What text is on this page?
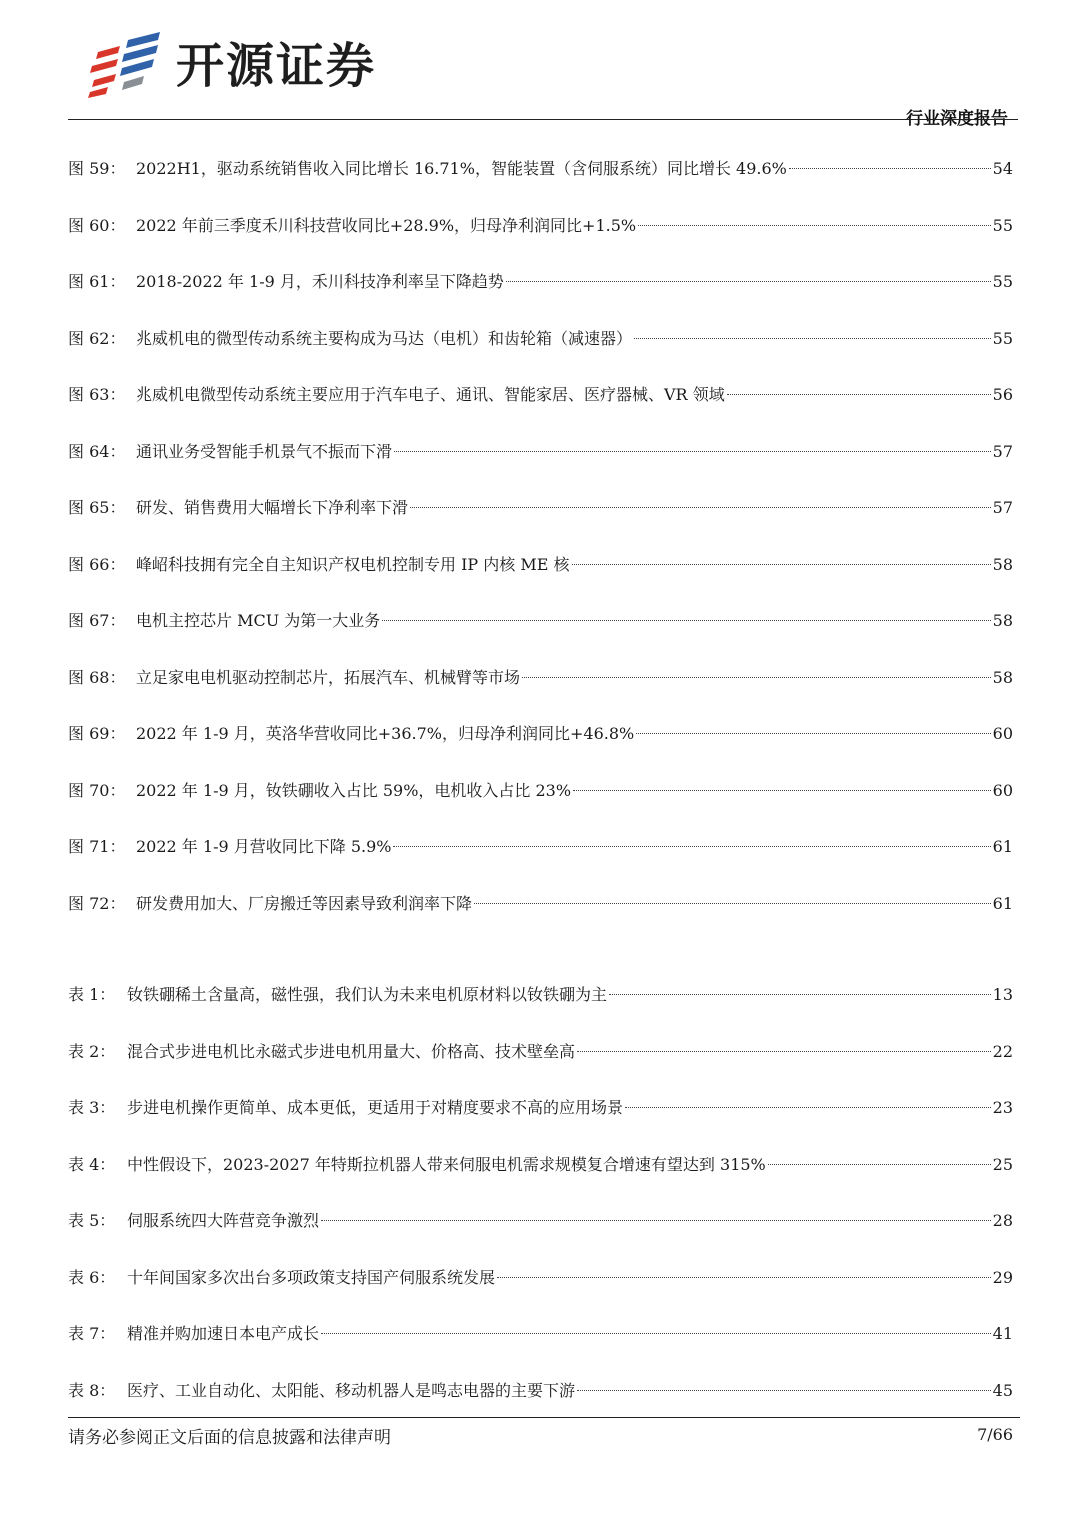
开源证券
行业深度报告
图 59： 2022H1，驱动系统销售收入同比增长 16.71%，智能装置（含伺服系统）同比增长 49.6%	54
图 60： 2022 年前三季度禾川科技营收同比+28.9%，归母净利润同比+1.5%	55
图 61： 2018-2022 年 1-9 月，禾川科技净利率呈下降趋势	55
图 62： 兆威机电的微型传动系统主要构成为马达（电机）和齿轮箱（减速器）	55
图 63： 兆威机电微型传动系统主要应用于汽车电子、通讯、智能家居、医疗器械、VR 领域	56
图 64： 通讯业务受智能手机景气不振而下滑	57
图 65： 研发、销售费用大幅增长下净利率下滑	57
图 66： 峰岹科技拥有完全自主知识产权电机控制专用 IP 内核 ME 核	58
图 67： 电机主控芯片 MCU 为第一大业务	58
图 68： 立足家电电机驱动控制芯片，拓展汽车、机械臂等市场	58
图 69： 2022 年 1-9 月，英洛华营收同比+36.7%，归母净利润同比+46.8%	60
图 70： 2022 年 1-9 月，钕铁硼收入占比 59%，电机收入占比 23%	60
图 71： 2022 年 1-9 月营收同比下降 5.9%	61
图 72： 研发费用加大、厂房搬迁等因素导致利润率下降	61
表 1： 钕铁硼稀土含量高，磁性强，我们认为未来电机原材料以钕铁硼为主	13
表 2： 混合式步进电机比永磁式步进电机用量大、价格高、技术壁垒高	22
表 3： 步进电机操作更简单、成本更低，更适用于对精度要求不高的应用场景	23
表 4： 中性假设下，2023-2027 年特斯拉机器人带来伺服电机需求规模复合增速有望达到 315%	25
表 5： 伺服系统四大阵营竞争激烈	28
表 6： 十年间国家多次出台多项政策支持国产伺服系统发展	29
表 7： 精准并购加速日本电产成长	41
表 8： 医疗、工业自动化、太阳能、移动机器人是鸣志电器的主要下游	45
请务必参阅正文后面的信息披露和法律声明	7/66
